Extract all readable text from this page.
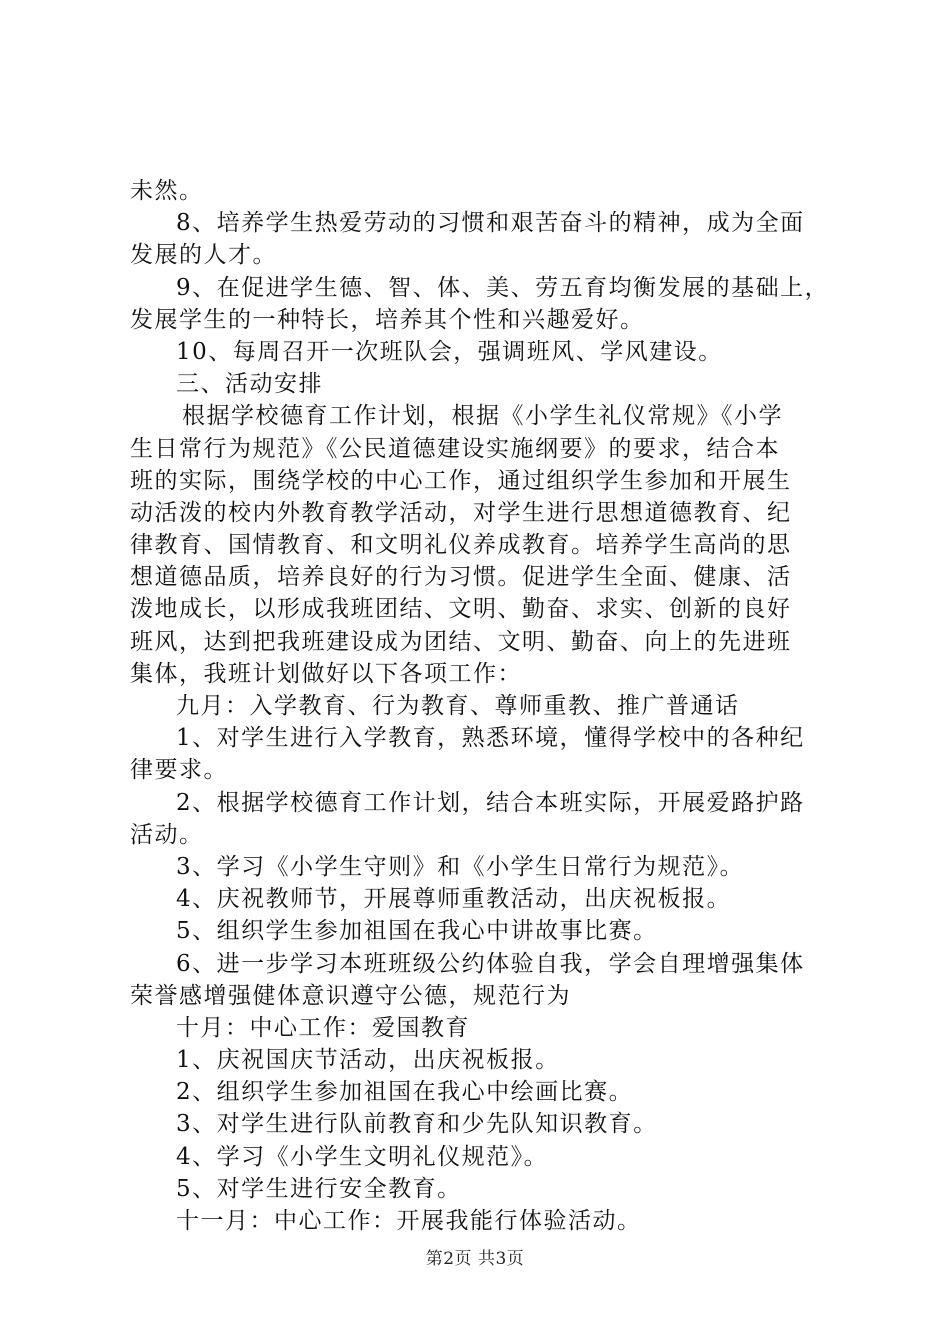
未然。
8、培养学生热爱劳动的习惯和艰苦奋斗的精神，成为全面
发展的人才。
9、在促进学生德、智、体、美、劳五育均衡发展的基础上，
发展学生的一种特长，培养其个性和兴趣爱好。
10、每周召开一次班队会，强调班风、学风建设。
三、活动安排
根据学校德育工作计划，根据《小学生礼仪常规》《小学
生日常行为规范》《公民道德建设实施纲要》的要求，结合本
班的实际，围绕学校的中心工作，通过组织学生参加和开展生
动活泼的校内外教育教学活动，对学生进行思想道德教育、纪
律教育、国情教育、和文明礼仪养成教育。培养学生高尚的思
想道德品质，培养良好的行为习惯。促进学生全面、健康、活
泼地成长，以形成我班团结、文明、勤奋、求实、创新的良好
班风，达到把我班建设成为团结、文明、勤奋、向上的先进班
集体，我班计划做好以下各项工作：
九月：入学教育、行为教育、尊师重教、推广普通话
1、对学生进行入学教育，熟悉环境，懂得学校中的各种纪
律要求。
2、根据学校德育工作计划，结合本班实际，开展爱路护路
活动。
3、学习《小学生守则》和《小学生日常行为规范》。
4、庆祝教师节，开展尊师重教活动，出庆祝板报。
5、组织学生参加祖国在我心中讲故事比赛。
6、进一步学习本班班级公约体验自我，学会自理增强集体
荣誉感增强健体意识遵守公德，规范行为
十月：中心工作：爱国教育
1、庆祝国庆节活动，出庆祝板报。
2、组织学生参加祖国在我心中绘画比赛。
3、对学生进行队前教育和少先队知识教育。
4、学习《小学生文明礼仪规范》。
5、对学生进行安全教育。
十一月：中心工作：开展我能行体验活动。
第2页 共3页
